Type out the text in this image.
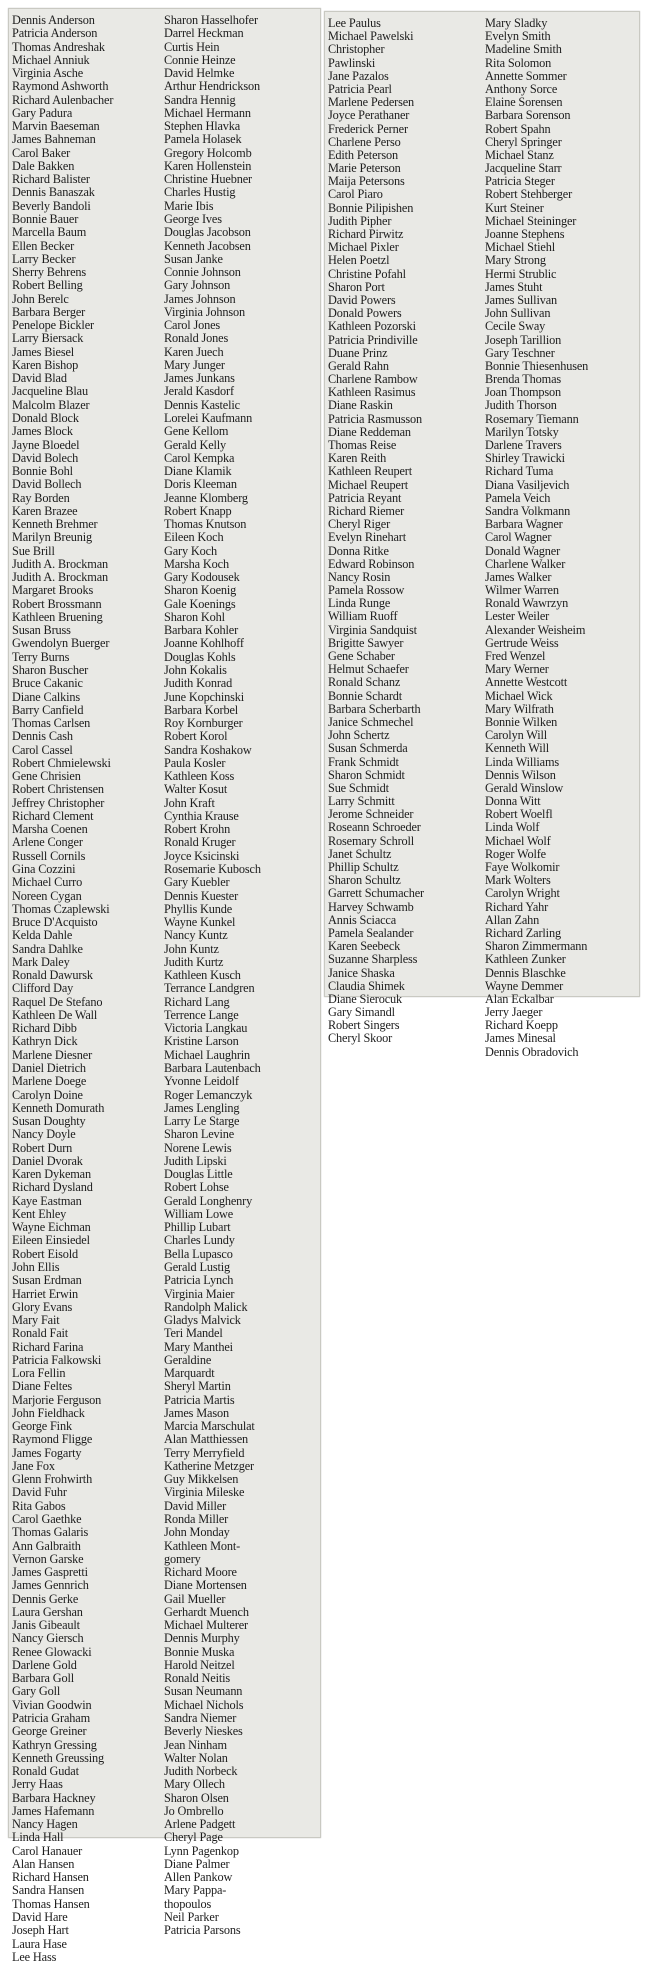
Dennis Anderson
Patricia Anderson
Thomas Andreshak
Michael Anniuk
Virginia Asche
Raymond Ashworth
Richard Aulenbacher
Gary Padura
Marvin Baeseman
James Bahneman
Carol Baker
Dale Bakken
Richard Balister
Dennis Banaszak
Beverly Bandoli
Bonnie Bauer
Marcella Baum
Ellen Becker
Larry Becker
Sherry Behrens
Robert Belling
John Berelc
Barbara Berger
Penelope Bickler
Larry Biersack
James Biesel
Karen Bishop
David Blad
Jacqueline Blau
Malcolm Blazer
Donald Block
James Block
Jayne Bloedel
David Bolech
Bonnie Bohl
David Bollech
Ray Borden
Karen Brazee
Kenneth Brehmer
Marilyn Breunig
Sue Brill
Judith A. Brockman
Judith A. Brockman
Margaret Brooks
Robert Brossmann
Kathleen Bruening
Susan Bruss
Gwendolyn Buerger
Terry Burns
Sharon Buscher
Bruce Cakanic
Diane Calkins
Barry Canfield
Thomas Carlsen
Dennis Cash
Carol Cassel
Robert Chmielewski
Gene Chrisien
Robert Christensen
Jeffrey Christopher
Richard Clement
Marsha Coenen
Arlene Conger
Russell Cornils
Gina Cozzini
Michael Curro
Noreen Cygan
Thomas Czaplewski
Bruce D'Acquisto
Kelda Dahle
Sandra Dahlke
Mark Daley
Ronald Dawursk
Clifford Day
Raquel De Stefano
Kathleen De Wall
Richard Dibb
Kathryn Dick
Marlene Diesner
Daniel Dietrich
Marlene Doege
Carolyn Doine
Kenneth Domurath
Susan Doughty
Nancy Doyle
Robert Durn
Daniel Dvorak
Karen Dykeman
Richard Dysland
Kaye Eastman
Kent Ehley
Wayne Eichman
Eileen Einsiedel
Robert Eisold
John Ellis
Susan Erdman
Harriet Erwin
Glory Evans
Mary Fait
Ronald Fait
Richard Farina
Patricia Falkowski
Lora Fellin
Diane Feltes
Marjorie Ferguson
John Fieldhack
George Fink
Raymond Fligge
James Fogarty
Jane Fox
Glenn Frohwirth
David Fuhr
Rita Gabos
Carol Gaethke
Thomas Galaris
Ann Galbraith
Vernon Garske
James Gaspretti
James Gennrich
Dennis Gerke
Laura Gershan
Janis Gibeault
Nancy Giersch
Renee Glowacki
Darlene Gold
Barbara Goll
Gary Goll
Vivian Goodwin
Patricia Graham
George Greiner
Kathryn Gressing
Kenneth Greussing
Ronald Gudat
Jerry Haas
Barbara Hackney
James Hafemann
Nancy Hagen
Linda Hall
Carol Hanauer
Alan Hansen
Richard Hansen
Sandra Hansen
Thomas Hansen
David Hare
Joseph Hart
Laura Hase
Lee Hass
Sharon Hasselhofer
Darrel Heckman
Curtis Hein
Connie Heinze
David Helmke
Arthur Hendrickson
Sandra Hennig
Michael Hermann
Stephen Hlavka
Pamela Holasek
Gregory Holcomb
Karen Hollenstein
Christine Huebner
Charles Hustig
Marie Ibis
George Ives
Douglas Jacobson
Kenneth Jacobsen
Susan Janke
Connie Johnson
Gary Johnson
James Johnson
Virginia Johnson
Carol Jones
Ronald Jones
Karen Juech
Mary Junger
James Junkans
Jerald Kasdorf
Dennis Kastelic
Lorelei Kaufmann
Gene Kellom
Gerald Kelly
Carol Kempka
Diane Klamik
Doris Kleeman
Jeanne Klomberg
Robert Knapp
Thomas Knutson
Eileen Koch
Gary Koch
Marsha Koch
Gary Kodousek
Sharon Koenig
Gale Koenings
Sharon Kohl
Barbara Kohler
Joanne Kohlhoff
Douglas Kohls
John Kokalis
Judith Konrad
June Kopchinski
Barbara Korbel
Roy Kornburger
Robert Korol
Sandra Koshakow
Paula Kosler
Kathleen Koss
Walter Kosut
John Kraft
Cynthia Krause
Robert Krohn
Ronald Kruger
Joyce Ksicinski
Rosemarie Kubosch
Gary Kuebler
Dennis Kuester
Phyllis Kunde
Wayne Kunkel
Nancy Kuntz
John Kuntz
Judith Kurtz
Kathleen Kusch
Terrance Landgren
Richard Lang
Terrence Lange
Victoria Langkau
Kristine Larson
Michael Laughrin
Barbara Lautenbach
Yvonne Leidolf
Roger Lemanczyk
James Lengling
Larry Le Starge
Sharon Levine
Norene Lewis
Judith Lipski
Douglas Little
Robert Lohse
Gerald Longhenry
William Lowe
Phillip Lubart
Charles Lundy
Bella Lupasco
Gerald Lustig
Patricia Lynch
Virginia Maier
Randolph Malick
Gladys Malvick
Teri Mandel
Mary Manthei
Geraldine
Marquardt
Sheryl Martin
Patricia Martis
James Mason
Marcia Marschulat
Alan Matthiessen
Terry Merryfield
Katherine Metzger
Guy Mikkelsen
Virginia Mileske
David Miller
Ronda Miller
John Monday
Kathleen Mont-
gomery
Richard Moore
Diane Mortensen
Gail Mueller
Gerhardt Muench
Michael Multerer
Dennis Murphy
Bonnie Muska
Harold Neitzel
Ronald Neitis
Susan Neumann
Michael Nichols
Sandra Niemer
Beverly Nieskes
Jean Ninham
Walter Nolan
Judith Norbeck
Mary Ollech
Sharon Olsen
Jo Ombrello
Arlene Padgett
Cheryl Page
Lynn Pagenkop
Diane Palmer
Allen Pankow
Mary Pappa-
thopoulos
Neil Parker
Patricia Parsons
Lee Paulus
Michael Pawelski
Christopher
Pawlinski
Jane Pazalos
Patricia Pearl
Marlene Pedersen
Joyce Perathaner
Frederick Perner
Charlene Perso
Edith Peterson
Marie Peterson
Maija Petersons
Carol Piaro
Bonnie Pilipishen
Judith Pipher
Richard Pirwitz
Michael Pixler
Helen Poetzl
Christine Pofahl
Sharon Port
David Powers
Donald Powers
Kathleen Pozorski
Patricia Prindiville
Duane Prinz
Gerald Rahn
Charlene Rambow
Kathleen Rasimus
Diane Raskin
Patricia Rasmusson
Diane Reddeman
Thomas Reise
Karen Reith
Kathleen Reupert
Michael Reupert
Patricia Reyant
Richard Riemer
Cheryl Riger
Evelyn Rinehart
Donna Ritke
Edward Robinson
Nancy Rosin
Pamela Rossow
Linda Runge
William Ruoff
Virginia Sandquist
Brigitte Sawyer
Gene Schaber
Helmut Schaefer
Ronald Schanz
Bonnie Schardt
Barbara Scherbarth
Janice Schmechel
John Schertz
Susan Schmerda
Frank Schmidt
Sharon Schmidt
Sue Schmidt
Larry Schmitt
Jerome Schneider
Roseann Schroeder
Rosemary Schroll
Janet Schultz
Phillip Schultz
Sharon Schultz
Garrett Schumacher
Harvey Schwamb
Annis Sciacca
Pamela Sealander
Karen Seebeck
Suzanne Sharpless
Janice Shaska
Claudia Shimek
Diane Sierocuk
Gary Simandl
Robert Singers
Cheryl Skoor
Mary Sladky
Evelyn Smith
Madeline Smith
Rita Solomon
Annette Sommer
Anthony Sorce
Elaine Sorensen
Barbara Sorenson
Robert Spahn
Cheryl Springer
Michael Stanz
Jacqueline Starr
Patricia Steger
Robert Stehberger
Kurt Steiner
Michael Steininger
Joanne Stephens
Michael Stiehl
Mary Strong
Hermi Strublic
James Stuht
James Sullivan
John Sullivan
Cecile Sway
Joseph Tarillion
Gary Teschner
Bonnie Thiesenhusen
Brenda Thomas
Joan Thompson
Judith Thorson
Rosemary Tiemann
Marilyn Totsky
Darlene Travers
Shirley Trawicki
Richard Tuma
Diana Vasiljevich
Pamela Veich
Sandra Volkmann
Barbara Wagner
Carol Wagner
Donald Wagner
Charlene Walker
James Walker
Wilmer Warren
Ronald Wawrzyn
Lester Weiler
Alexander Weisheim
Gertrude Weiss
Fred Wenzel
Mary Werner
Annette Westcott
Michael Wick
Mary Wilfrath
Bonnie Wilken
Carolyn Will
Kenneth Will
Linda Williams
Dennis Wilson
Gerald Winslow
Donna Witt
Robert Woelfl
Linda Wolf
Michael Wolf
Roger Wolfe
Faye Wolkomir
Mark Wolters
Carolyn Wright
Richard Yahr
Allan Zahn
Richard Zarling
Sharon Zimmermann
Kathleen Zunker
Dennis Blaschke
Wayne Demmer
Alan Eckalbar
Jerry Jaeger
Richard Koepp
James Minesal
Dennis Obradovich
